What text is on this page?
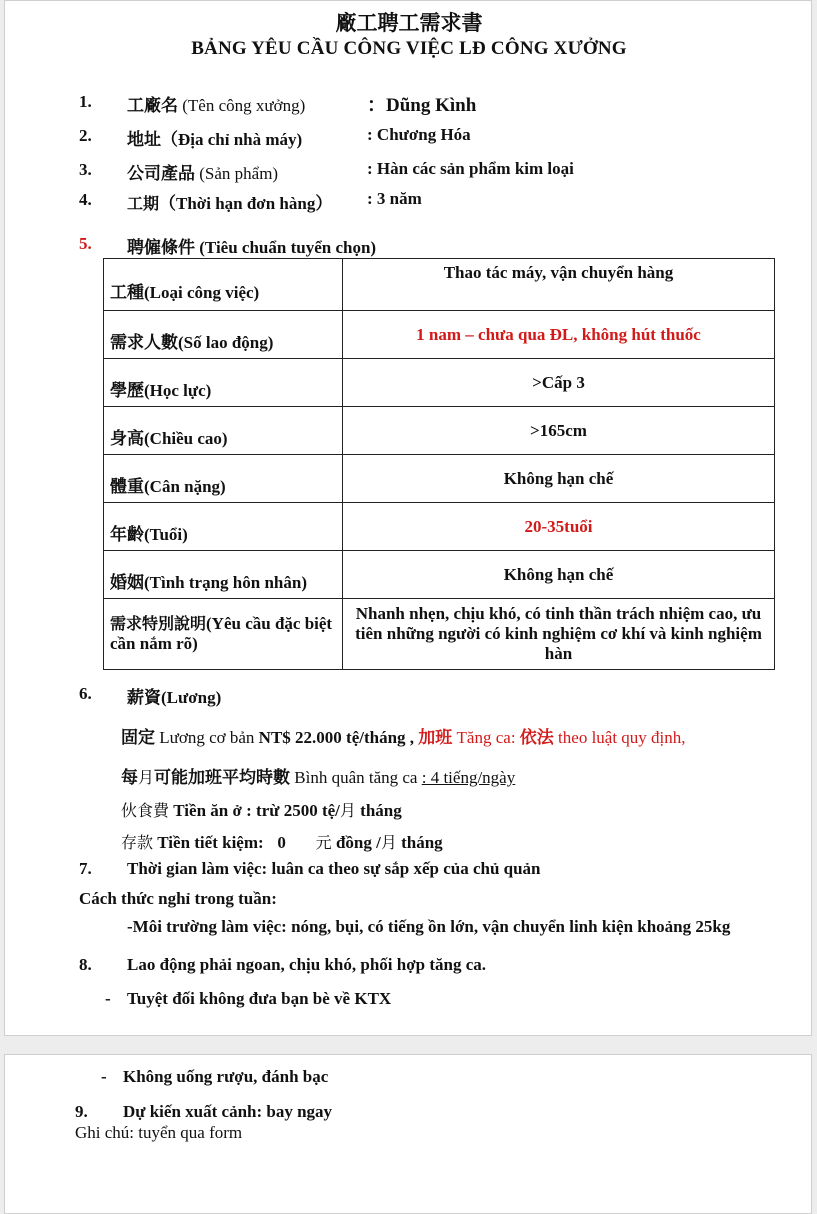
廠工聘工需求書
BẢNG YÊU CẦU CÔNG VIỆC LĐ CÔNG XƯỞNG
1. 工廠名 (Tên công xưởng)	：Dũng Kình
2. 地址（Địa chỉ nhà máy)	: Chương Hóa
3. 公司產品 (Sản phẩm)	: Hàn các sản phẩm kim loại
4. 工期（Thời hạn đơn hàng） : 3 năm
5. 聘僱條件 (Tiêu chuẩn tuyển chọn)
工種(Loại công việc)	Thao tác máy, vận chuyển hàng
需求人數(Số lao động)	1 nam – chưa qua ĐL, không hút thuốc
學歷(Học lực)	>Cấp 3
身高(Chiều cao)	>165cm
體重(Cân nặng)	Không hạn chế
年齡(Tuổi)	20-35tuổi
婚姻(Tình trạng hôn nhân)	Không hạn chế
需求特別說明(Yêu cầu đặc biệt cần nắm rõ)	Nhanh nhẹn, chịu khó, có tinh thần trách nhiệm cao, ưu tiên những người có kinh nghiệm cơ khí và kinh nghiệm hàn
6. 薪資(Lương)
固定 Lương cơ bản NT$ 22.000 tệ/tháng , 加班 Tăng ca: 依法 theo luật quy định,
每月可能加班平均時數 Bình quân tăng ca : 4 tiếng/ngày
伙食費 Tiền ăn ở : trừ 2500 tệ/月 tháng
存款 Tiền tiết kiệm: 0 元 đồng /月 tháng
7. Thời gian làm việc: luân ca theo sự sắp xếp của chủ quản
Cách thức nghỉ trong tuần:
-Môi trường làm việc: nóng, bụi, có tiếng ồn lớn, vận chuyển linh kiện khoảng 25kg
8. Lao động phải ngoan, chịu khó, phối hợp tăng ca.
- Tuyệt đối không đưa bạn bè về KTX
- Không uống rượu, đánh bạc
9. Dự kiến xuất cảnh: bay ngay
Ghi chú: tuyển qua form
